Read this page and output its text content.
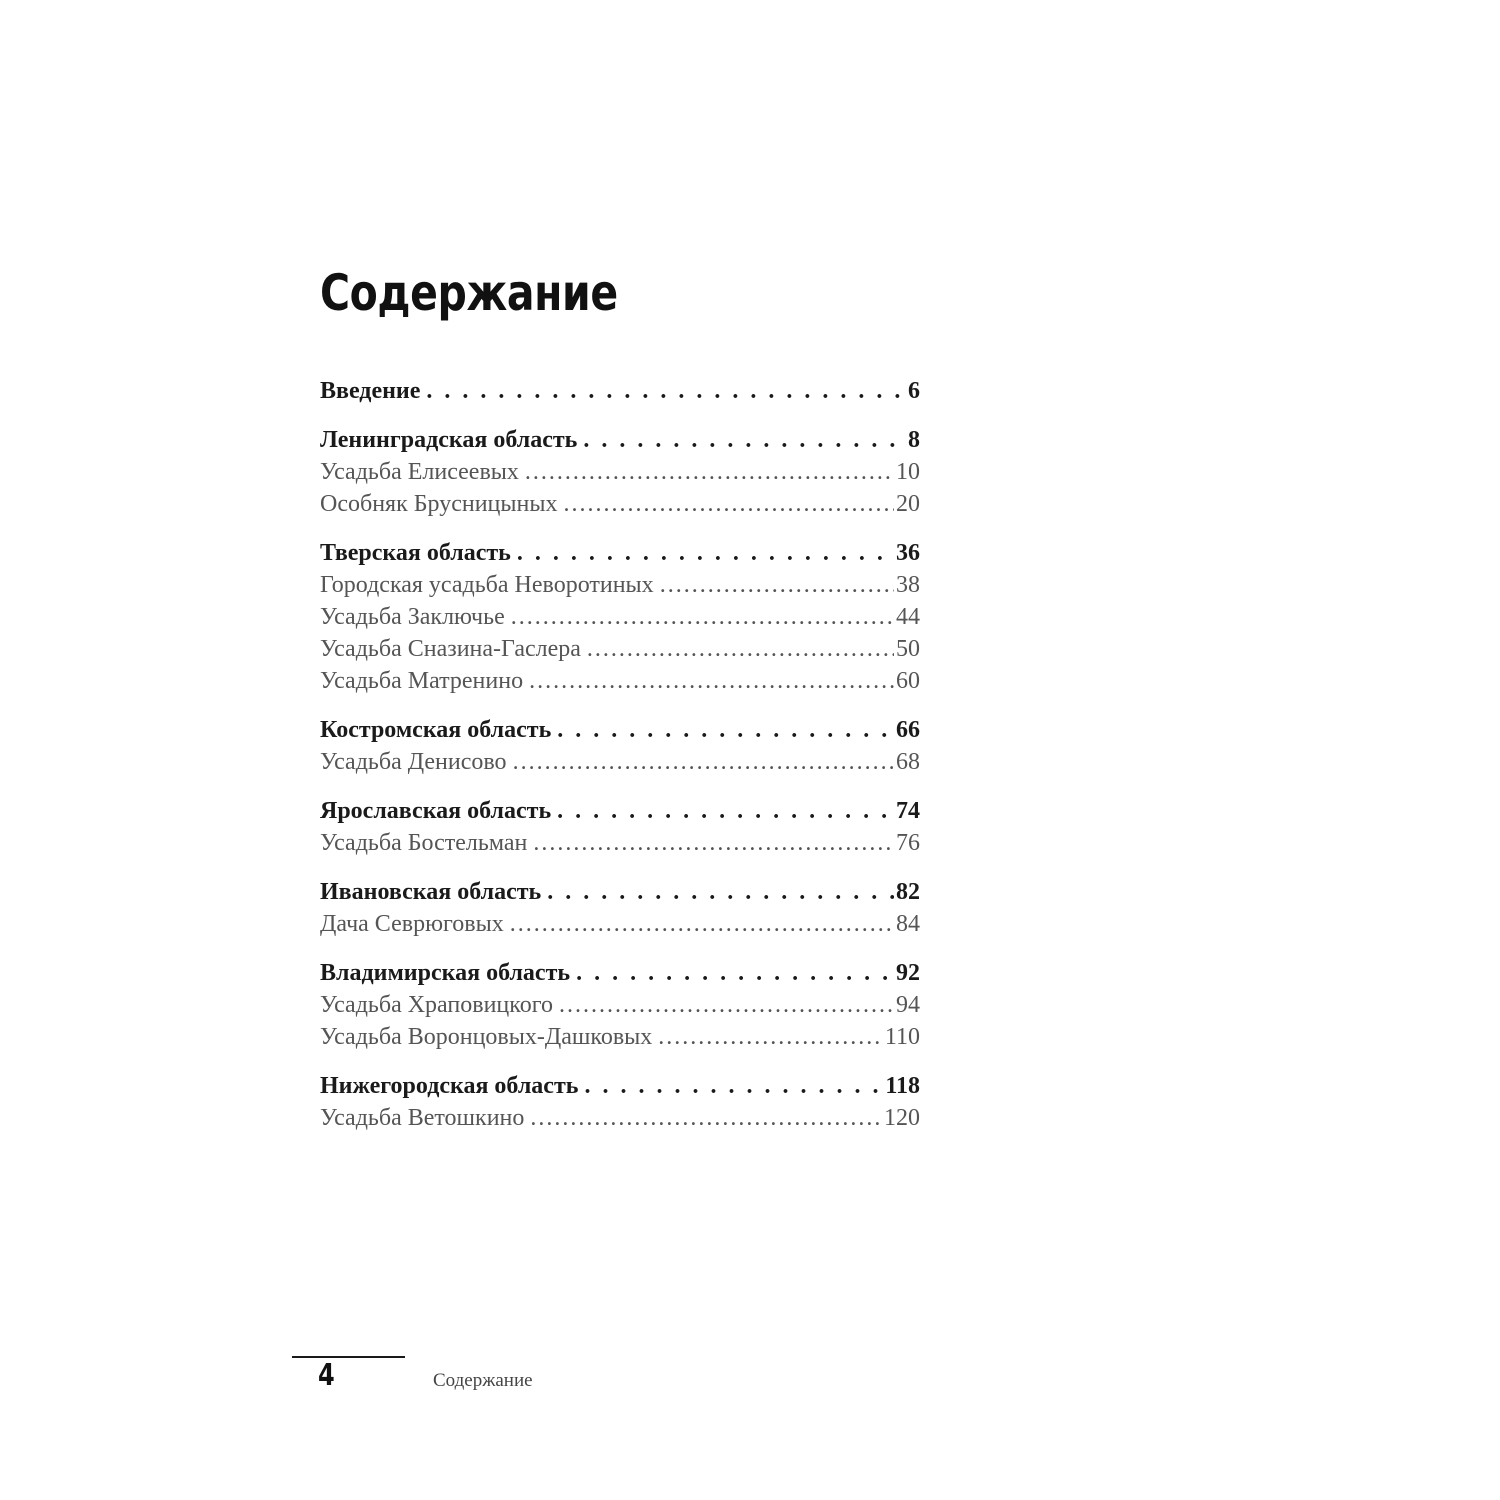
Содержание
Введение . . .	6
Ленинградская область . . .	8
Усадьба Елисеевых .....	10
Особняк Брусницыных .....	20
Тверская область . . .	36
Городская усадьба Неворотиных .....	38
Усадьба Заключье .....	44
Усадьба Сназина-Гаслера .....	50
Усадьба Матренино .....	60
Костромская область . . .	66
Усадьба Денисово .....	68
Ярославская область . . .	74
Усадьба Бостельман .....	76
Ивановская область . . .	82
Дача Севрюговых .....	84
Владимирская область . . .	92
Усадьба Храповицкого .....	94
Усадьба Воронцовых-Дашковых .....	110
Нижегородская область . . .	118
Усадьба Ветошкино .....	120
4	Содержание
